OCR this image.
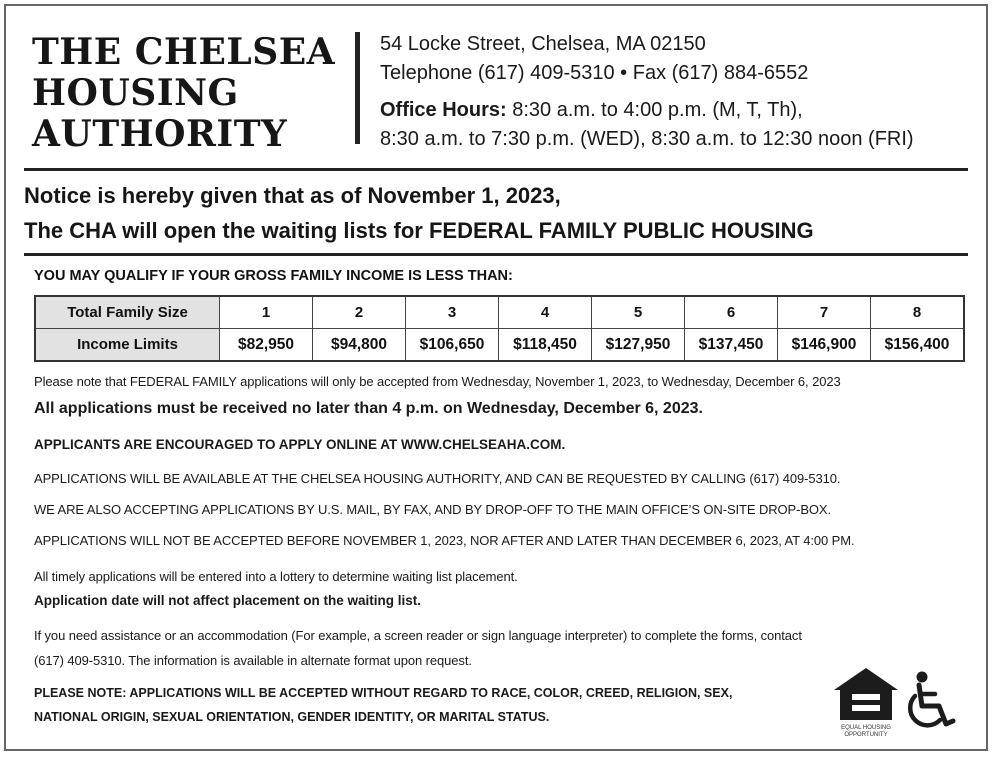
THE CHELSEA
HOUSING
AUTHORITY
54 Locke Street, Chelsea, MA 02150
Telephone (617) 409-5310 • Fax (617) 884-6552
Office Hours: 8:30 a.m. to 4:00 p.m. (M, T, Th),
8:30 a.m. to 7:30 p.m. (WED), 8:30 a.m. to 12:30 noon (FRI)
Notice is hereby given that as of November 1, 2023,
The CHA will open the waiting lists for FEDERAL FAMILY PUBLIC HOUSING
YOU MAY QUALIFY IF YOUR GROSS FAMILY INCOME IS LESS THAN:
Total Family Size	1	2	3	4	5	6	7	8
Income Limits	$82,950	$94,800	$106,650	$118,450	$127,950	$137,450	$146,900	$156,400
Please note that FEDERAL FAMILY applications will only be accepted from Wednesday, November 1, 2023, to Wednesday, December 6, 2023
All applications must be received no later than 4 p.m. on Wednesday, December 6, 2023.
APPLICANTS ARE ENCOURAGED TO APPLY ONLINE AT WWW.CHELSEAHA.COM.
APPLICATIONS WILL BE AVAILABLE AT THE CHELSEA HOUSING AUTHORITY, AND CAN BE REQUESTED BY CALLING (617) 409-5310.
WE ARE ALSO ACCEPTING APPLICATIONS BY U.S. MAIL, BY FAX, AND BY DROP-OFF TO THE MAIN OFFICE’S ON-SITE DROP-BOX.
APPLICATIONS WILL NOT BE ACCEPTED BEFORE NOVEMBER 1, 2023, NOR AFTER AND LATER THAN DECEMBER 6, 2023, AT 4:00 PM.
All timely applications will be entered into a lottery to determine waiting list placement.
Application date will not affect placement on the waiting list.
If you need assistance or an accommodation (For example, a screen reader or sign language interpreter) to complete the forms, contact
(617) 409-5310. The information is available in alternate format upon request.
PLEASE NOTE: APPLICATIONS WILL BE ACCEPTED WITHOUT REGARD TO RACE, COLOR, CREED, RELIGION, SEX,
NATIONAL ORIGIN, SEXUAL ORIENTATION, GENDER IDENTITY, OR MARITAL STATUS.
EQUAL HOUSING
OPPORTUNITY
